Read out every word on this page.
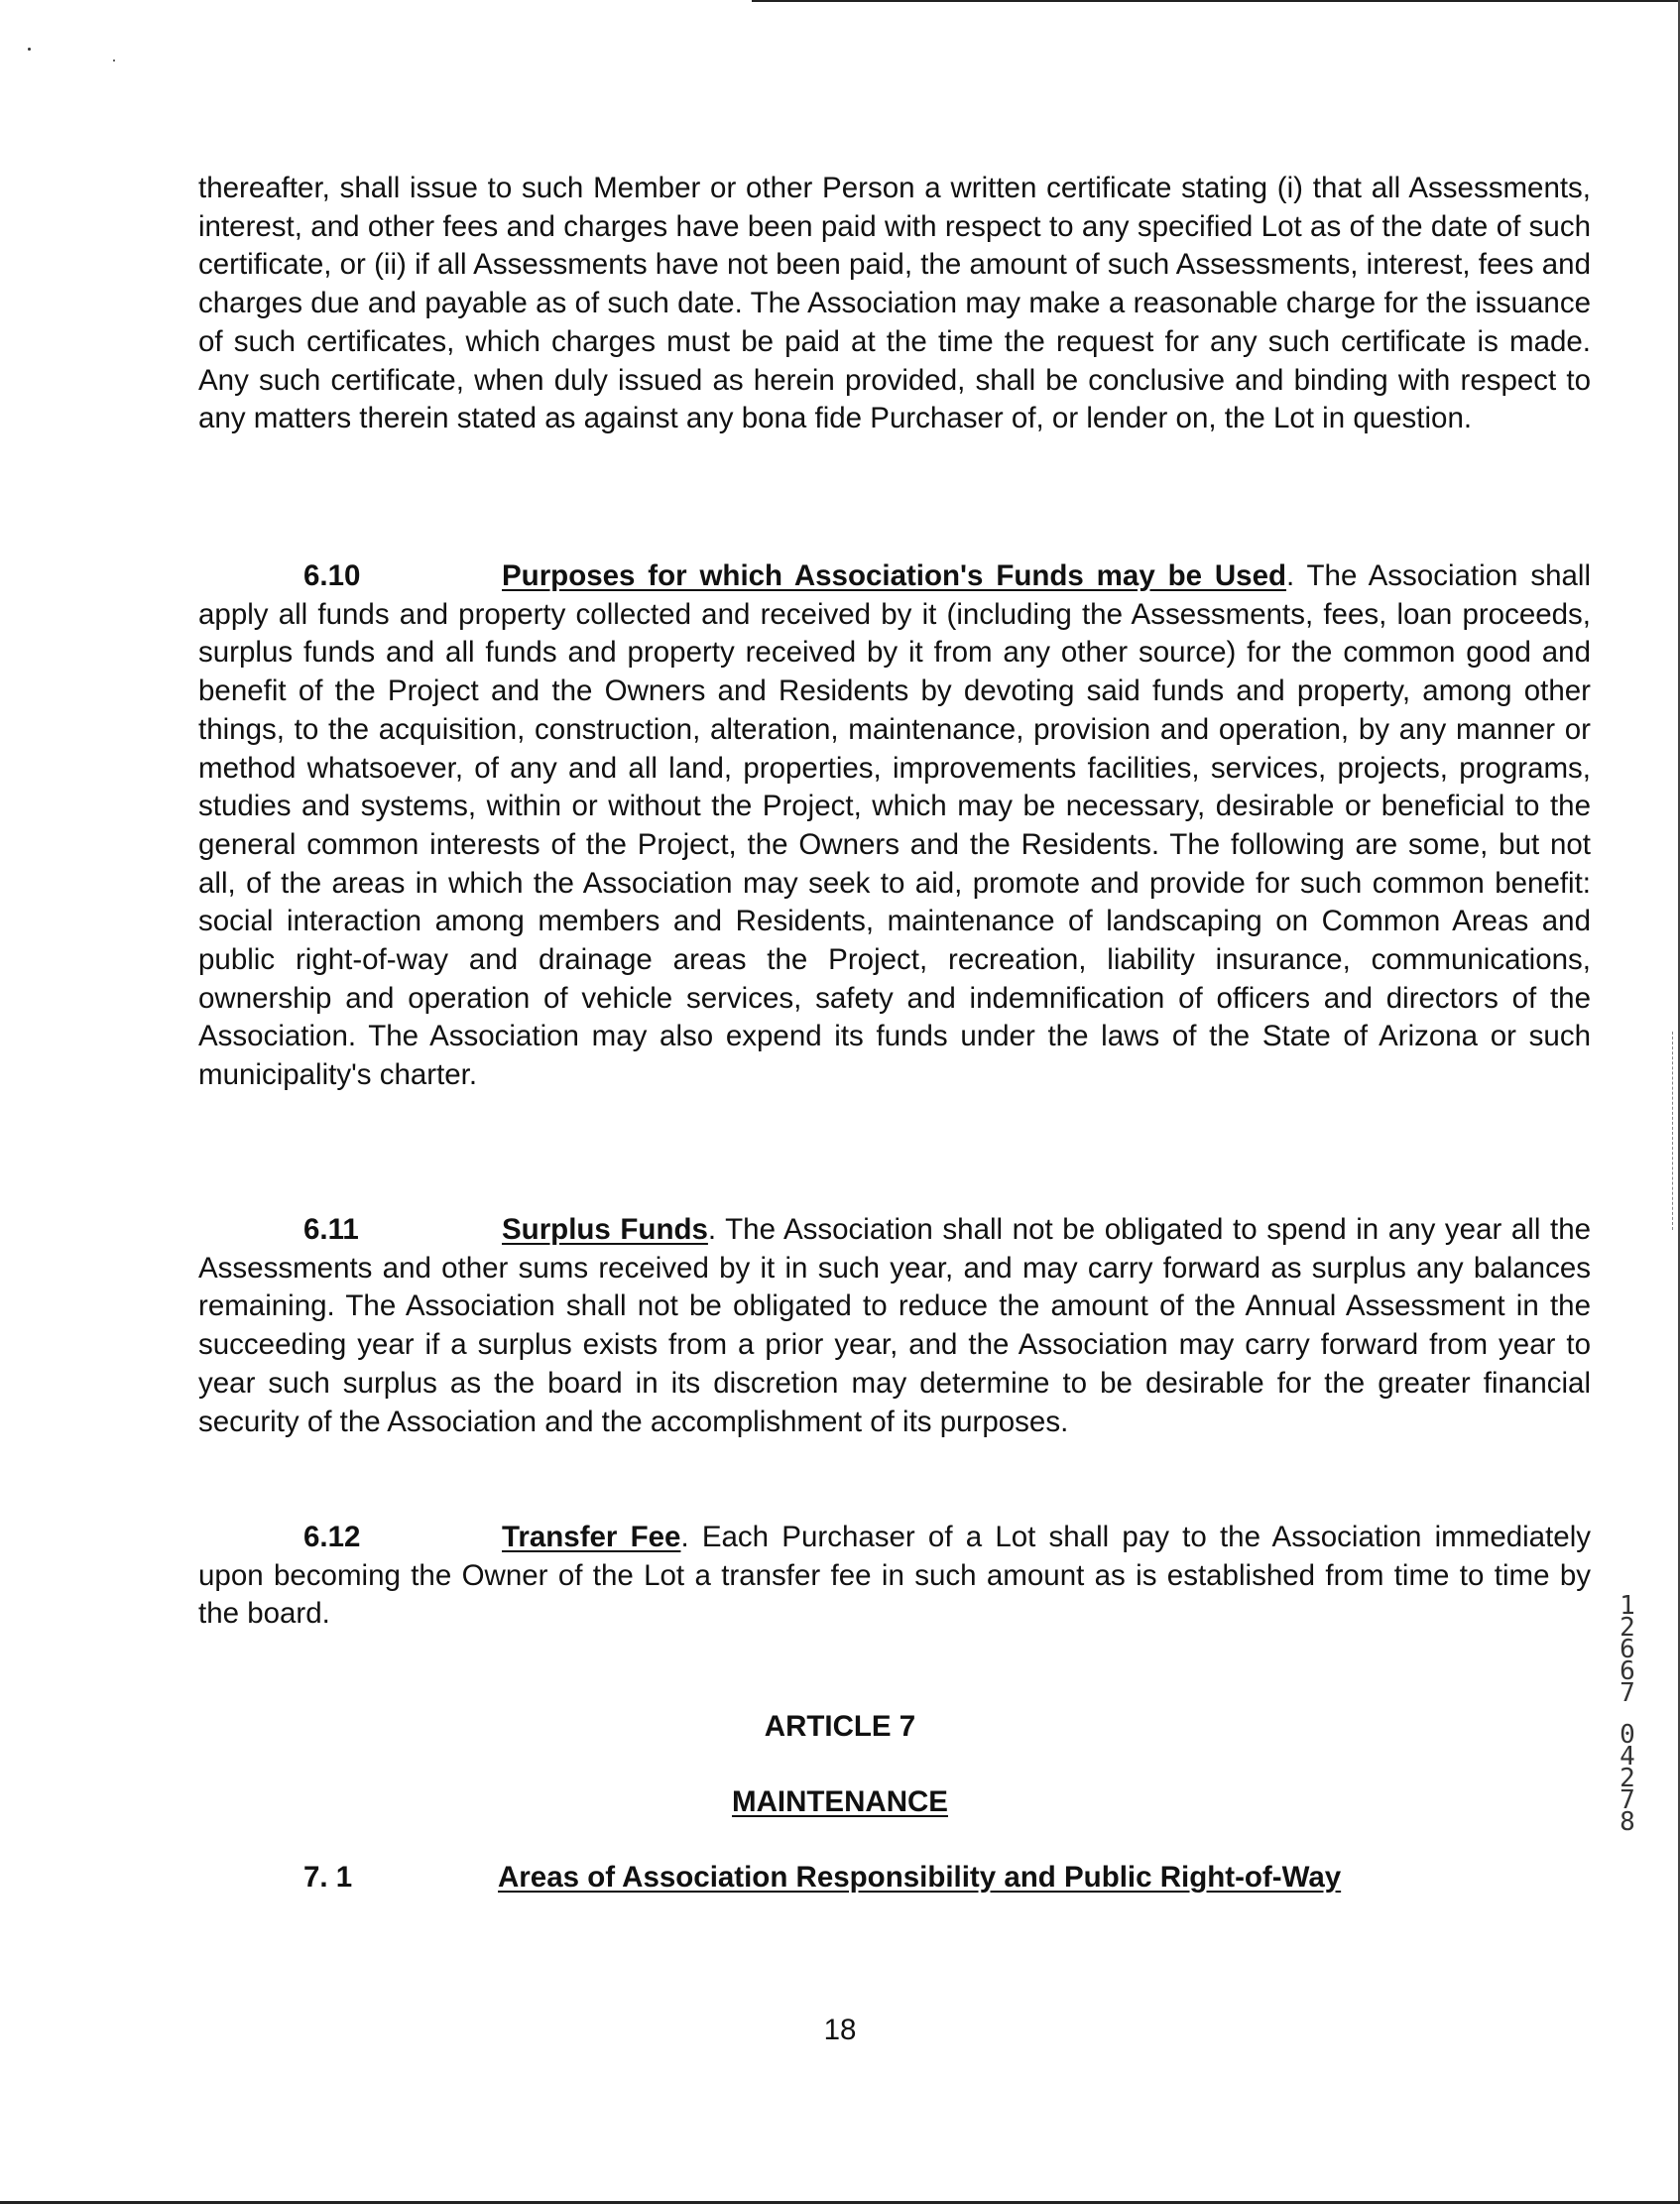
thereafter, shall issue to such Member or other Person a written certificate stating (i) that all Assessments, interest, and other fees and charges have been paid with respect to any specified Lot as of the date of such certificate, or (ii) if all Assessments have not been paid, the amount of such Assessments, interest, fees and charges due and payable as of such date. The Association may make a reasonable charge for the issuance of such certificates, which charges must be paid at the time the request for any such certificate is made. Any such certificate, when duly issued as herein provided, shall be conclusive and binding with respect to any matters therein stated as against any bona fide Purchaser of, or lender on, the Lot in question.

6.10	Purposes for which Association's Funds may be Used. The Association shall apply all funds and property collected and received by it (including the Assessments, fees, loan proceeds, surplus funds and all funds and property received by it from any other source) for the common good and benefit of the Project and the Owners and Residents by devoting said funds and property, among other things, to the acquisition, construction, alteration, maintenance, provision and operation, by any manner or method whatsoever, of any and all land, properties, improvements facilities, services, projects, programs, studies and systems, within or without the Project, which may be necessary, desirable or beneficial to the general common interests of the Project, the Owners and the Residents. The following are some, but not all, of the areas in which the Association may seek to aid, promote and provide for such common benefit: social interaction among members and Residents, maintenance of landscaping on Common Areas and public right-of-way and drainage areas the Project, recreation, liability insurance, communications, ownership and operation of vehicle services, safety and indemnification of officers and directors of the Association. The Association may also expend its funds under the laws of the State of Arizona or such municipality's charter.

6.11	Surplus Funds. The Association shall not be obligated to spend in any year all the Assessments and other sums received by it in such year, and may carry forward as surplus any balances remaining. The Association shall not be obligated to reduce the amount of the Annual Assessment in the succeeding year if a surplus exists from a prior year, and the Association may carry forward from year to year such surplus as the board in its discretion may determine to be desirable for the greater financial security of the Association and the accomplishment of its purposes.

6.12	Transfer Fee. Each Purchaser of a Lot shall pay to the Association immediately upon becoming the Owner of the Lot a transfer fee in such amount as is established from time to time by the board.

ARTICLE 7
MAINTENANCE
7. 1	Areas of Association Responsibility and Public Right-of-Way
18
1
2
6
6
7
0
4
2
7
8
